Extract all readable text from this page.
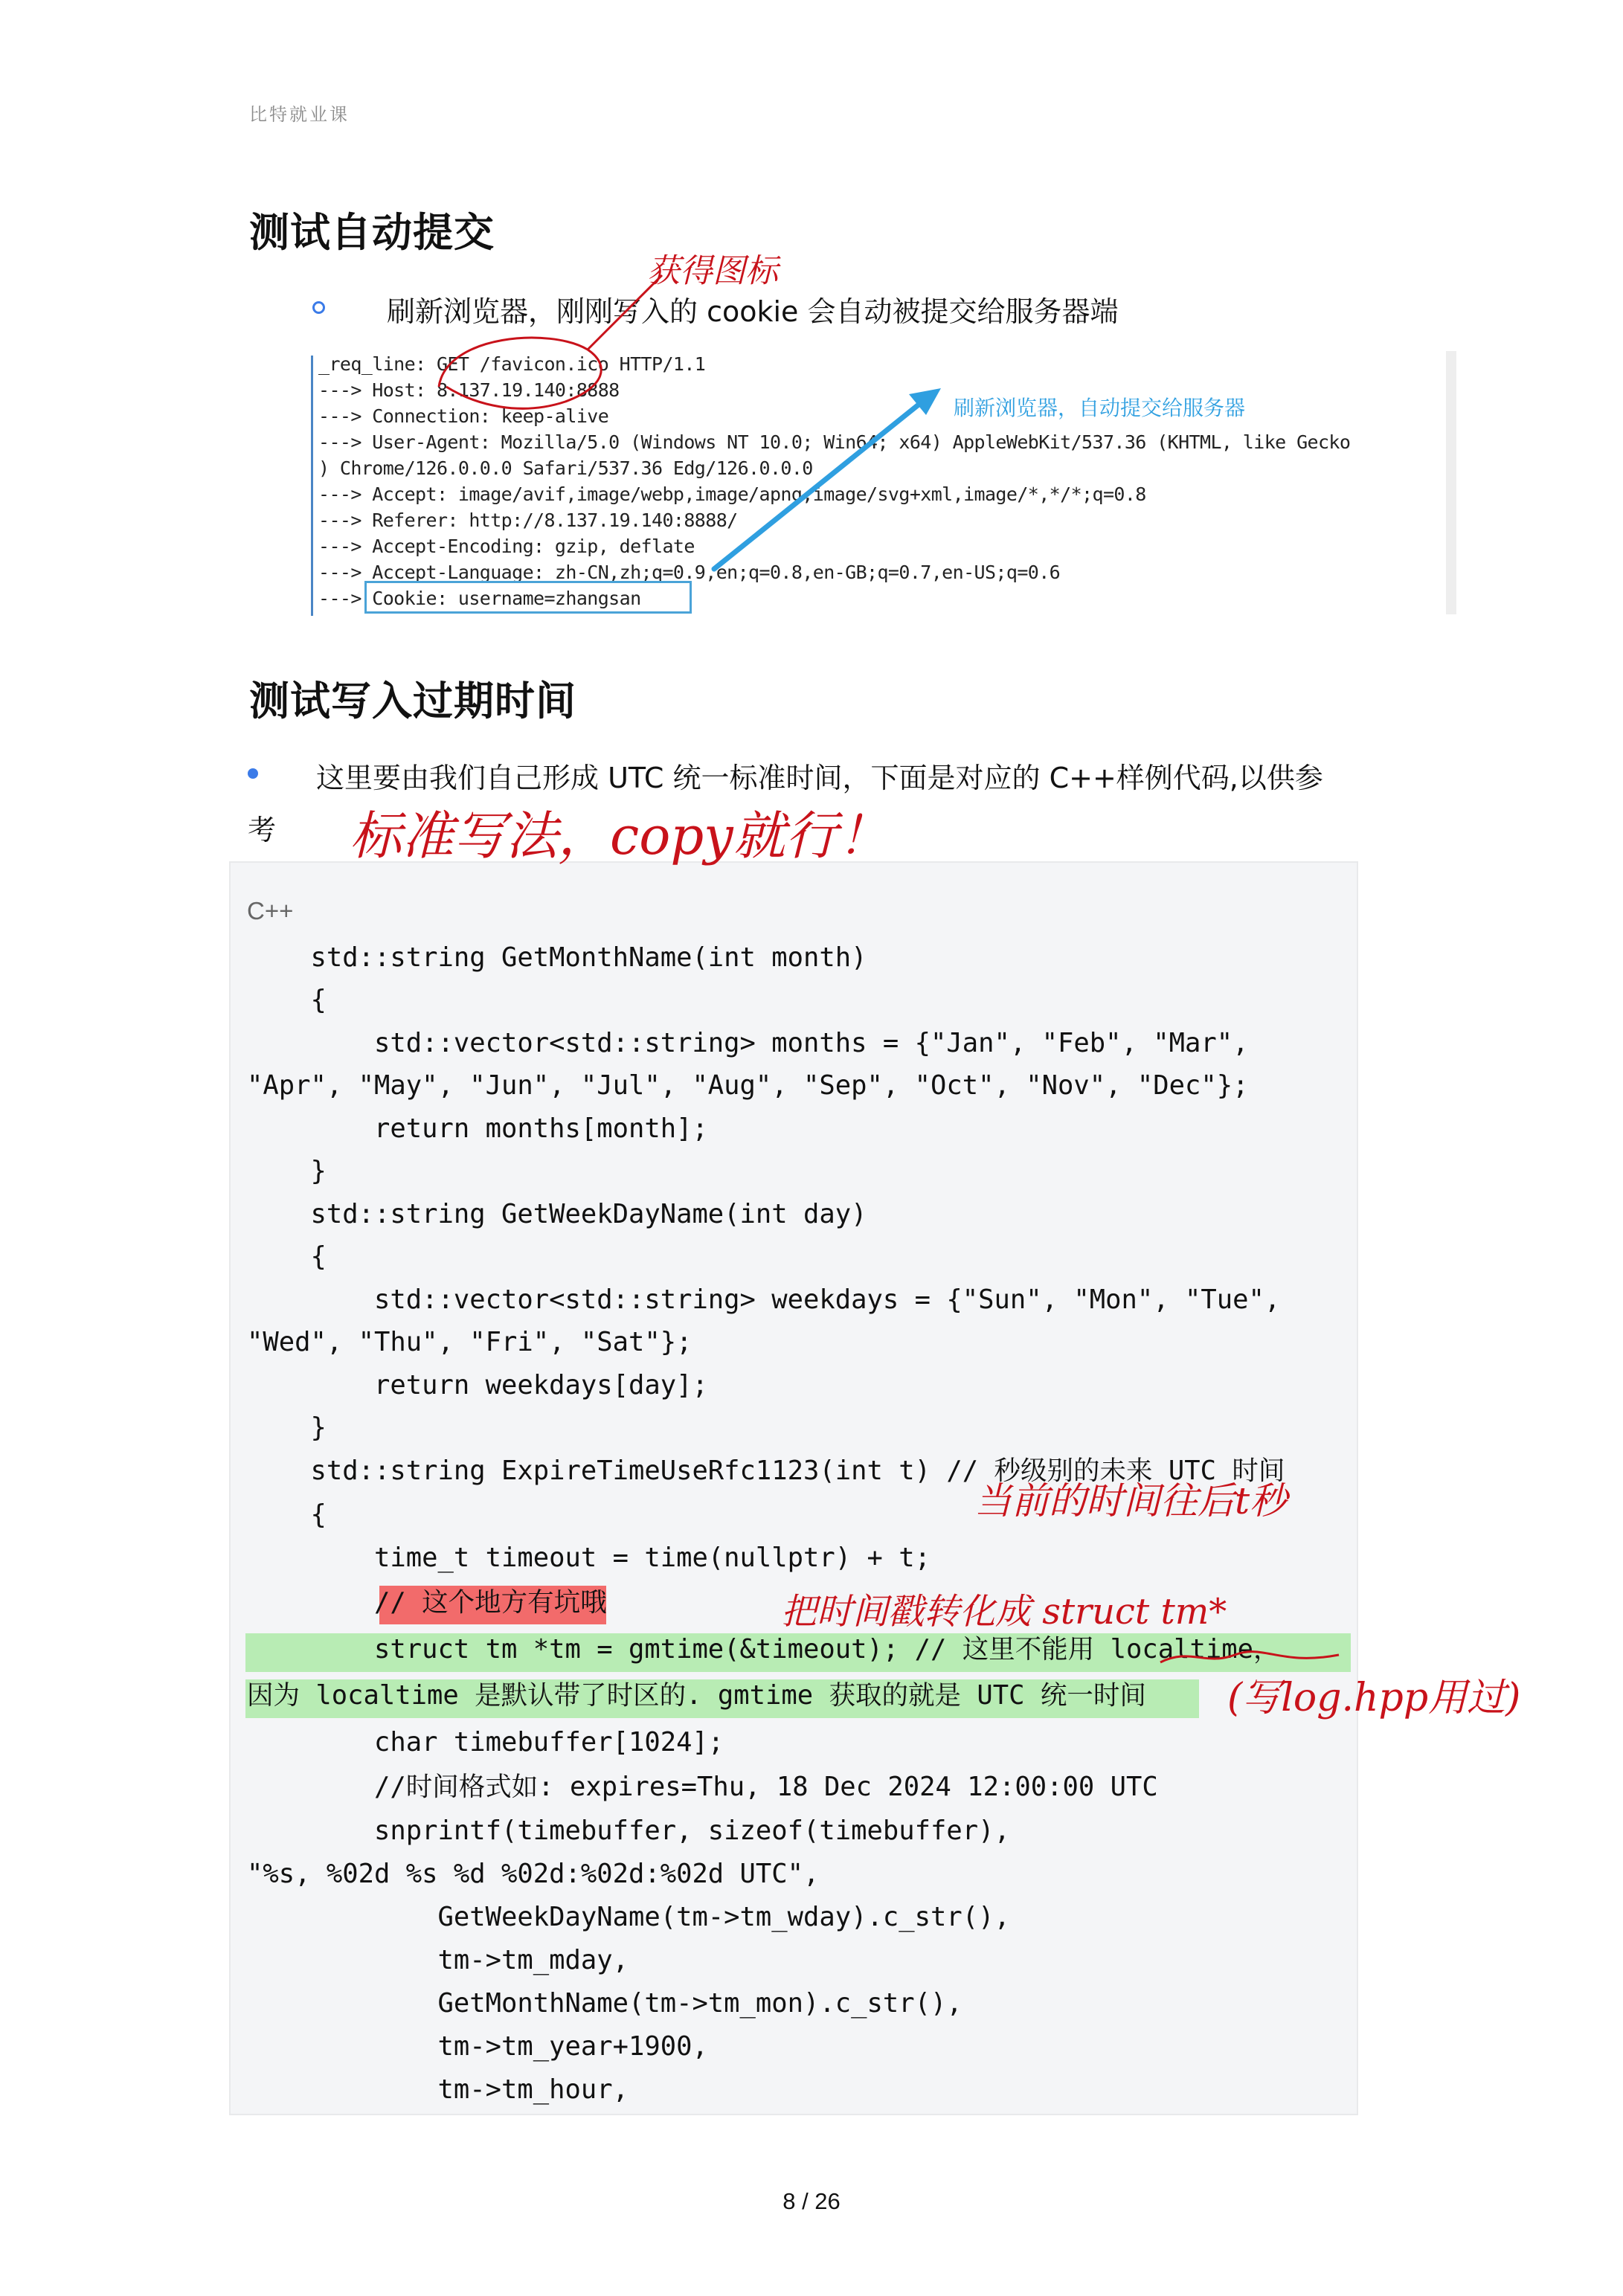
比特就业课
测试自动提交
刷新浏览器，刚刚写入的 cookie 会自动被提交给服务器端
_req_line: GET /favicon.ico HTTP/1.1
---> Host: 8.137.19.140:8888
---> Connection: keep-alive
---> User-Agent: Mozilla/5.0 (Windows NT 10.0; Win64; x64) AppleWebKit/537.36 (KHTML, like Gecko
) Chrome/126.0.0.0 Safari/537.36 Edg/126.0.0.0
---> Accept: image/avif,image/webp,image/apng,image/svg+xml,image/*,*/*;q=0.8
---> Referer: http://8.137.19.140:8888/
---> Accept-Encoding: gzip, deflate
---> Accept-Language: zh-CN,zh;q=0.9,en;q=0.8,en-GB;q=0.7,en-US;q=0.6
---> Cookie: username=zhangsan
刷新浏览器，自动提交给服务器
测试写入过期时间
这里要由我们自己形成 UTC 统一标准时间，下面是对应的 C++样例代码,以供参
考
C++
std::string GetMonthName(int month)
{
std::vector<std::string> months = {"Jan", "Feb", "Mar",
"Apr", "May", "Jun", "Jul", "Aug", "Sep", "Oct", "Nov", "Dec"};
return months[month];
}
std::string GetWeekDayName(int day)
{
std::vector<std::string> weekdays = {"Sun", "Mon", "Tue",
"Wed", "Thu", "Fri", "Sat"};
return weekdays[day];
}
std::string ExpireTimeUseRfc1123(int t) // 秒级别的未来 UTC 时间
{
time_t timeout = time(nullptr) + t;
// 这个地方有坑哦
struct tm *tm = gmtime(&timeout); // 这里不能用 localtime，
因为 localtime 是默认带了时区的. gmtime 获取的就是 UTC 统一时间
char timebuffer[1024];
//时间格式如: expires=Thu, 18 Dec 2024 12:00:00 UTC
snprintf(timebuffer, sizeof(timebuffer),
"%s, %02d %s %d %02d:%02d:%02d UTC",
GetWeekDayName(tm->tm_wday).c_str(),
tm->tm_mday,
GetMonthName(tm->tm_mon).c_str(),
tm->tm_year+1900,
tm->tm_hour,
获得图标
标准写法，copy就行！
当前的时间往后t秒
把时间戳转化成 struct tm*
(写log.hpp用过)
8 / 26
